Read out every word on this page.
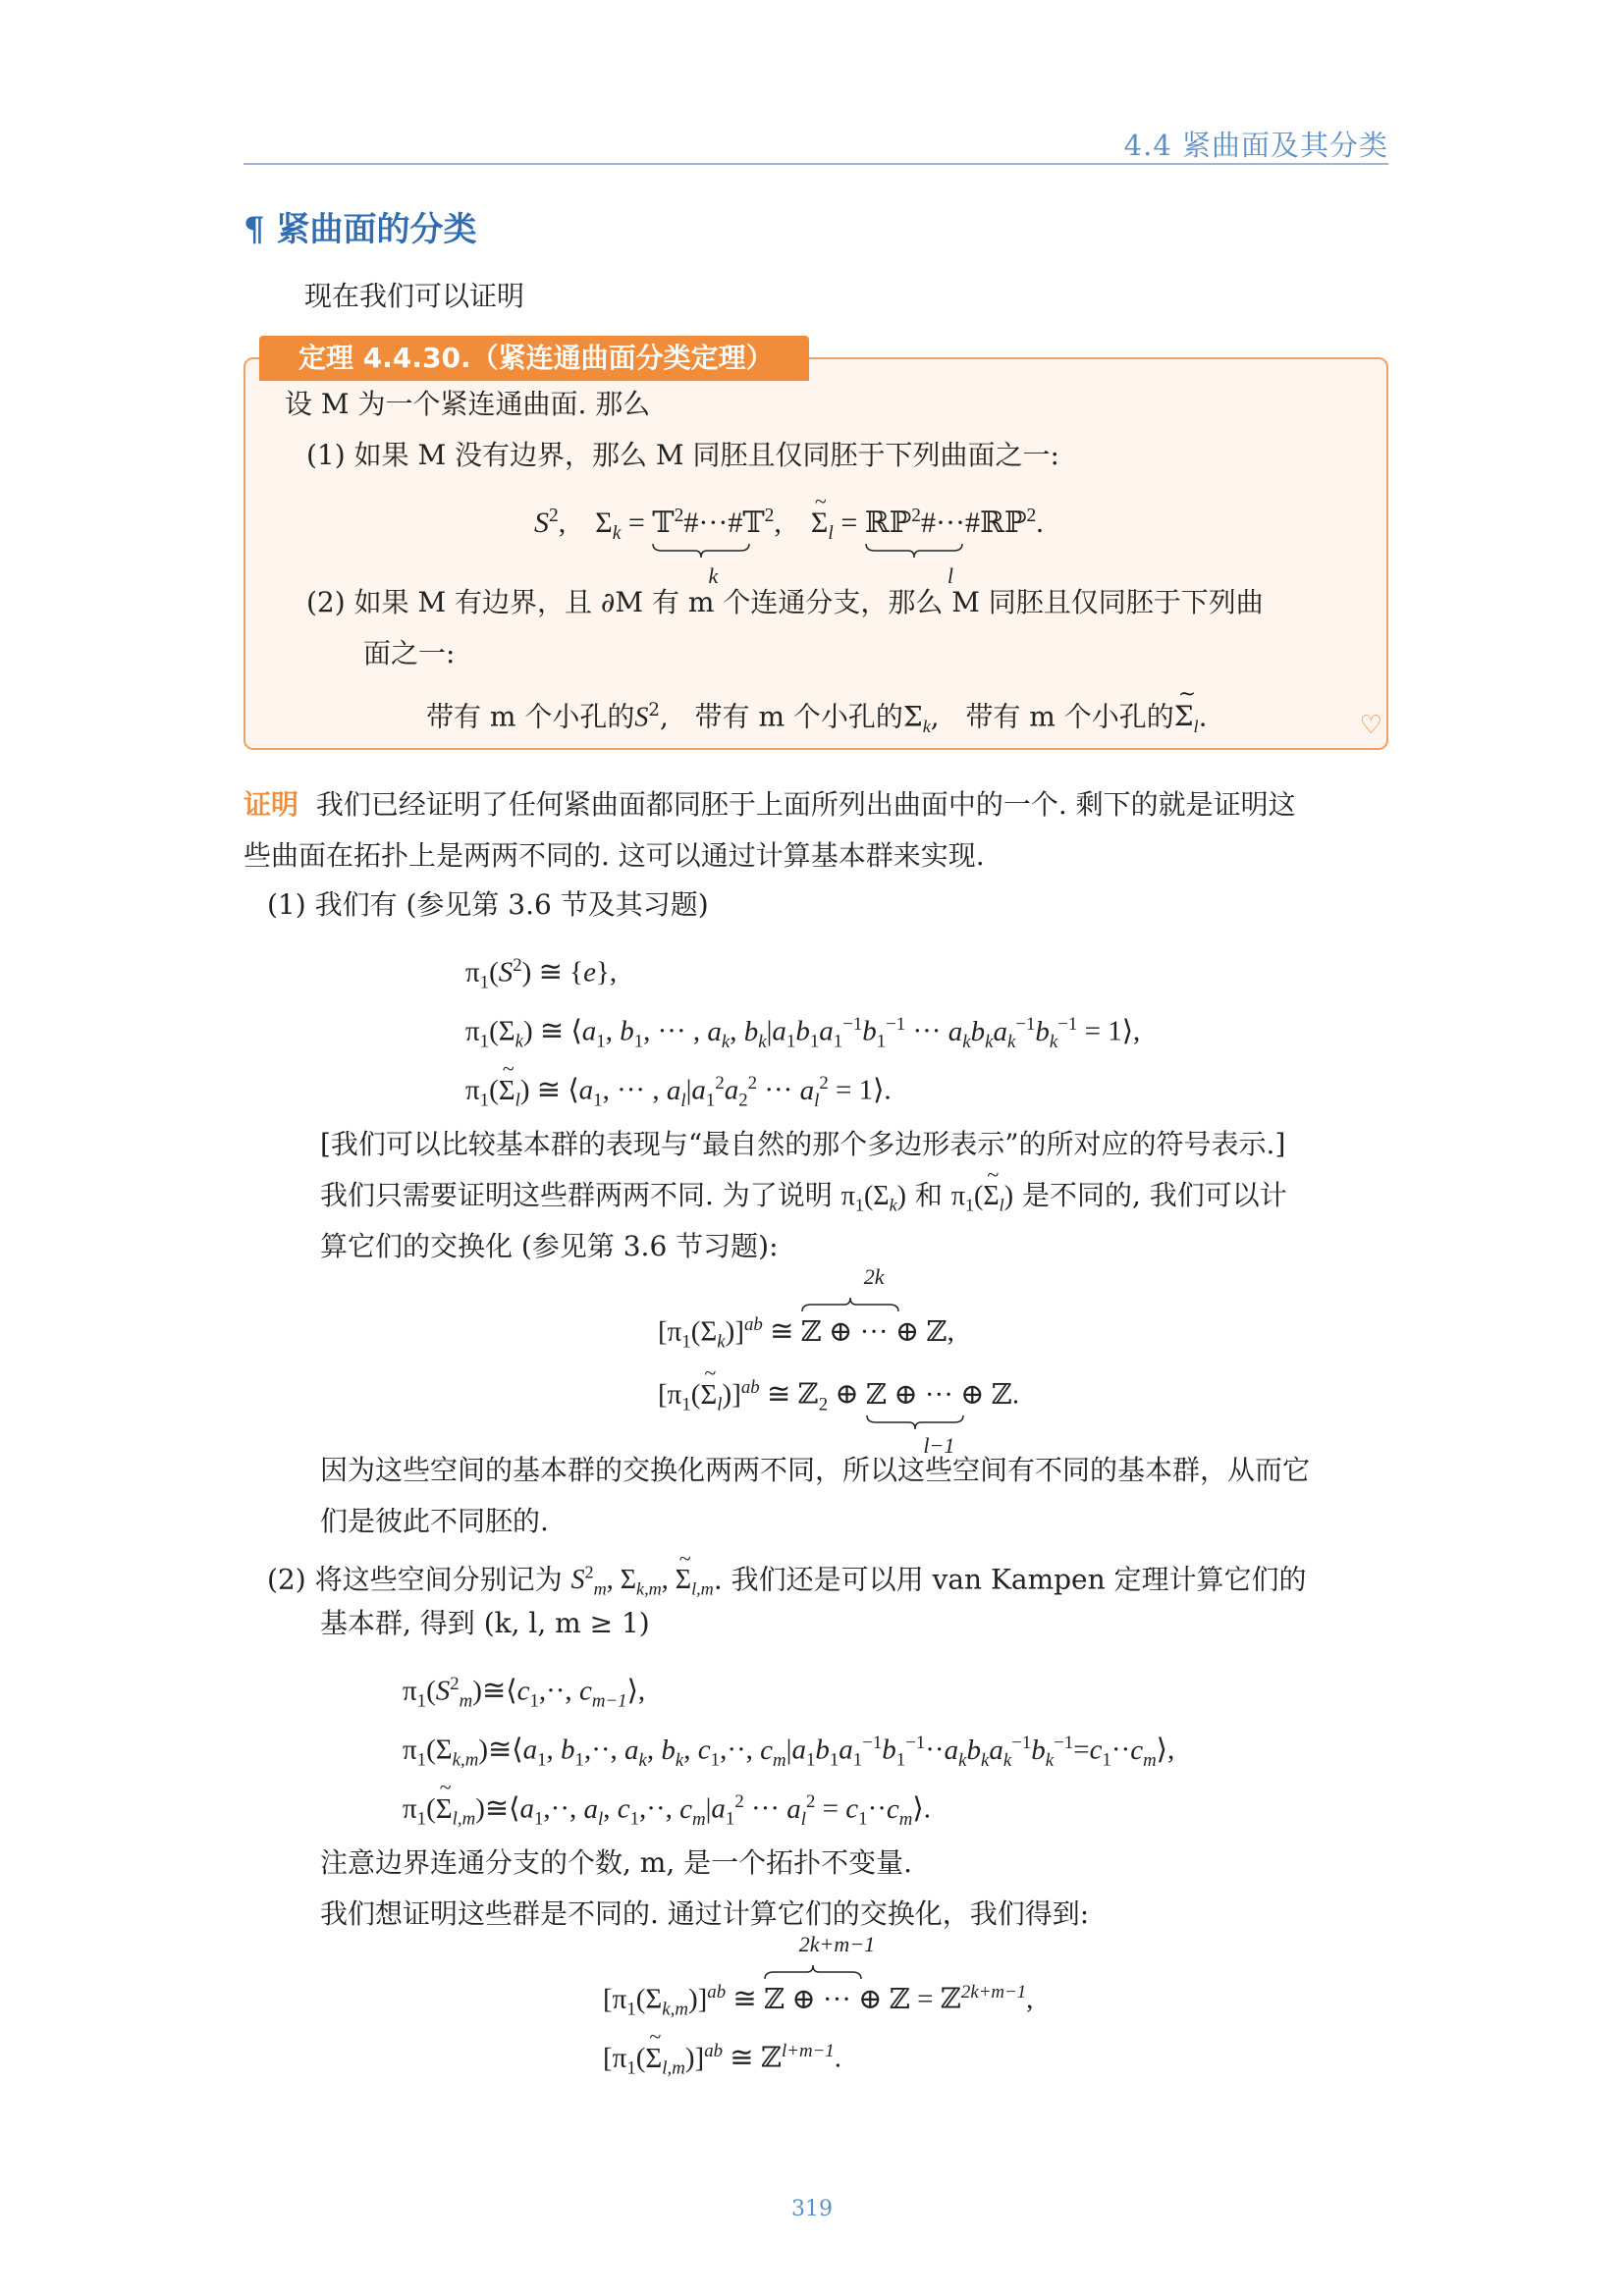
4.4 紧曲面及其分类
¶ 紧曲面的分类
现在我们可以证明
定理 4.4.30.（紧连通曲面分类定理）
设 M 为一个紧连通曲面. 那么
(1) 如果 M 没有边界，那么 M 同胚且仅同胚于下列曲面之一:
$S^2$,    $\Sigma_k$ = 𝕋$^2$#···#𝕋$^2$
k
,    ~ $\Sigma_l$ = ℝℙ$^2$#···#ℝℙ$^2$
l
.
(2) 如果 M 有边界，且 ∂M 有 m 个连通分支，那么 M 同胚且仅同胚于下列曲
面之一:
带有 m 个小孔的$S^2$,   带有 m 个小孔的$\Sigma_k$,   带有 m 个小孔的~ $\Sigma_l$.	♡
证明 我们已经证明了任何紧曲面都同胚于上面所列出曲面中的一个. 剩下的就是证明这
些曲面在拓扑上是两两不同的. 这可以通过计算基本群来实现.
(1) 我们有 (参见第 3.6 节及其习题)
$\pi_1(S^2)$ ≅ {e},
$\pi_1(\Sigma_k)$ ≅ $⟨a_1$, $b_1$, ··· , $a_k$, $b_k|a_1b_1a_1^{-1}b_1^{-1}$ ··· $a_kb_ka_k^{-1}b_k^{-1}$ = 1⟩,
$\pi_1(\sim$ $\Sigma_l$) ≅ $⟨a_1$, ··· , $a_l|a_1^2a_2^2$ ··· $a_l^2$ = 1⟩.
[我们可以比较基本群的表现与“最自然的那个多边形表示”的所对应的符号表示.]
我们只需要证明这些群两两不同. 为了说明 $\pi_1(\Sigma_k)$ 和 $\pi_1(\sim$ $\Sigma_l$) 是不同的, 我们可以计
算它们的交换化 (参见第 3.6 节习题):
$[\pi_1(\Sigma_k)]^{ab}$ ≅ ℤ ⊕ ··· ⊕ ℤ
2k
,
[$\pi_1(\sim$ $\Sigma_l)]^{ab}$ ≅ ℤ$_2$ ⊕ ℤ ⊕ ··· ⊕ ℤ
l−1
.
因为这些空间的基本群的交换化两两不同，所以这些空间有不同的基本群，从而它
们是彼此不同胚的.
(2) 将这些空间分别记为 $S^2_m$, $\Sigma_{k,m}$, ~ $\Sigma_{l,m}$. 我们还是可以用 van Kampen 定理计算它们的
基本群, 得到 (k, l, m ≥ 1)
$\pi_1(S^2_m)≅⟨c_1,\cdot\cdot$, $c_{m-1}⟩$,
$\pi_1(\Sigma_{k,m})≅⟨a_1$, $b_1,\cdot\cdot$, $a_k$, $b_k$, $c_1,\cdot\cdot$, $c_m|a_1b_1a_1^{-1}b_1^{-1}\cdot\cdot a_kb_ka_k^{-1}b_k^{-1}=c_1\cdot\cdot c_m⟩$,
$\pi_1(\sim$ $\Sigma_{l,m})≅⟨a_1,\cdot\cdot$, $a_l$, $c_1,\cdot\cdot$, $c_m|a_1^2$ ··· $a_l^2$ = $c_1\cdot\cdot c_m⟩$.
注意边界连通分支的个数, m, 是一个拓扑不变量.
我们想证明这些群是不同的. 通过计算它们的交换化，我们得到:
$[\pi_1(\Sigma_{k,m})]^{ab}$ ≅ ℤ ⊕ ··· ⊕ ℤ
2k+m−1
= ℤ$^{2k+m-1}$,
[$\pi_1(\sim$ $\Sigma_{l,m})]^{ab}$ ≅ ℤ$^{l+m-1}$.
319
